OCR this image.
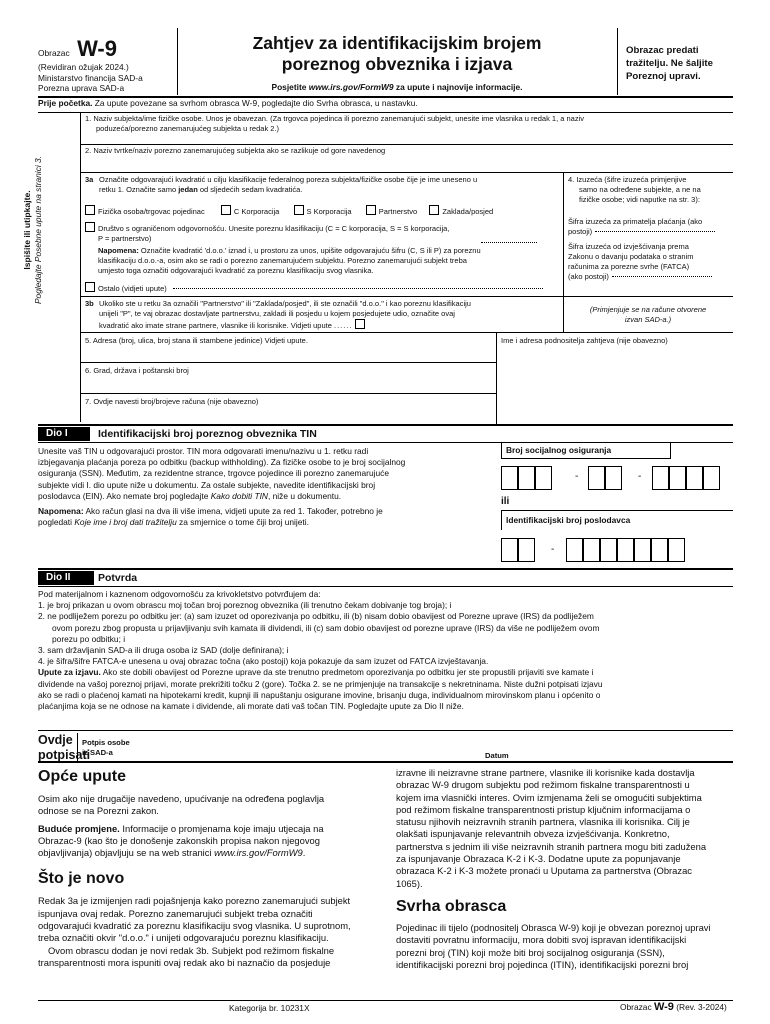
Obrazac W-9
(Revidiran ožujak 2024.)
Ministarstvo financija SAD-a
Porezna uprava SAD-a
Zahtjev za identifikacijskim brojem
poreznog obveznika i izjava
Posjetite www.irs.gov/FormW9 za upute i najnovije informacije.
Obrazac predati tražitelju. Ne šaljite Poreznoj upravi.
Prije početka. Za upute povezane sa svrhom obrasca W-9, pogledajte dio Svrha obrasca, u nastavku.
Ispišite ili utipkajte. Pogledajte Posebne upute na stranici 3.
1. Naziv subjekta/ime fizičke osobe. Unos je obavezan. (Za trgovca pojedinca ili porezno zanemarujući subjekt, unesite ime vlasnika u redak 1, a naziv
poduzeća/porezno zanemarujućeg subjekta u redak 2.)
2. Naziv tvrtke/naziv porezno zanemarujućeg subjekta ako se razlikuje od gore navedenog
3a Označite odgovarajući kvadratić u cilju klasifikacije federalnog poreza subjekta/fizičke osobe čije je ime uneseno u
retku 1. Označite samo jedan od sljedećih sedam kvadratića.
Fizička osoba/trgovac pojedinac	C Korporacija	S Korporacija	Partnerstvo	Zaklada/posjed
Društvo s ograničenom odgovornošću. Unesite poreznu klasifikaciju (C = C korporacija, S = S korporacija,
P = partnerstvo)
Napomena: Označite kvadratić 'd.o.o.' iznad i, u prostoru za unos, upišite odgovarajuću šifru (C, S ili P) za poreznu
klasifikaciju d.o.o.-a, osim ako se radi o porezno zanemarujućem subjektu. Porezno zanemarujući subjekt treba
umjesto toga označiti odgovarajući kvadratić za poreznu klasifikaciju svog vlasnika.
Ostalo (vidjeti upute)
3b Ukoliko ste u retku 3a označili "Partnerstvo" ili "Zaklada/posjed", ili ste označili "d.o.o." i kao poreznu klasifikaciju
unijeli "P", te vaj obrazac dostavljate partnerstvu, zakladi ili posjedu u kojem posjedujete udio, označite ovaj
kvadratić ako imate strane partnere, vlasnike ili korisnike. Vidjeti upute ......
4. Izuzeća (šifre izuzeća primjenjive
samo na određene subjekte, a ne na
fizičke osobe; vidi naputke na str. 3):
Šifra izuzeća za primatelja plaćanja (ako
postoji)
Šifra izuzeća od izvješćivanja prema
Zakonu o davanju podataka o stranim
računima za porezne svrhe (FATCA)
(ako postoji)
(Primjenjuje se na račune otvorene
izvan SAD-a.)
5. Adresa (broj, ulica, broj stana ili stambene jedinice) Vidjeti upute.	Ime i adresa podnositelja zahtjeva (nije obavezno)
6. Grad, država i poštanski broj
7. Ovdje navesti broj/brojeve računa (nije obavezno)
Dio I	Identifikacijski broj poreznog obveznika TIN
Unesite vaš TIN u odgovarajući prostor. TIN mora odgovarati imenu/nazivu u 1. retku radi
izbjegavanja plaćanja poreza po odbitku (backup withholding). Za fizičke osobe to je broj socijalnog
osiguranja (SSN). Međutim, za rezidentne strance, trgovce pojedince ili porezno zanemarujuće
subjekte vidi I. dio upute niže u dokumentu. Za ostale subjekte, navedite identifikacijski broj
poslodavca (EIN). Ako nemate broj pogledajte Kako dobiti TIN, niže u dokumentu.
Napomena: Ako račun glasi na dva ili više imena, vidjeti upute za red 1. Također, potrebno je
pogledati Koje ime i broj dati tražitelju za smjernice o tome čiji broj unijeti.
Broj socijalnog osiguranja
-	-
ili
Identifikacijski broj poslodavca
-
Dio II	Potvrda
Pod materijalnom i kaznenom odgovornošću za krivokletstvo potvrđujem da:
1. je broj prikazan u ovom obrascu moj točan broj poreznog obveznika (ili trenutno čekam dobivanje tog broja); i
2. ne podliježem porezu po odbitku jer: (a) sam izuzet od oporezivanja po odbitku, ili (b) nisam dobio obavijest od Porezne uprave (IRS) da podliježem
ovom porezu zbog propusta u prijavljivanju svih kamata ili dividendi, ili (c) sam dobio obavijest od porezne uprave (IRS) da više ne podliježem ovom
porezu po odbitku; i
3. sam državljanin SAD-a ili druga osoba iz SAD (dolje definirana); i
4. je šifra/šifre FATCA-e unesena u ovaj obrazac točna (ako postoji) koja pokazuje da sam izuzet od FATCA izvještavanja.
Upute za izjavu. Ako ste dobili obavijest od Porezne uprave da ste trenutno predmetom oporezivanja po odbitku jer ste propustili prijaviti sve kamate i
dividende na vašoj poreznoj prijavi, morate prekrižiti točku 2 (gore). Točka 2. se ne primjenjuje na transakcije s nekretninama. Niste dužni potpisati izjavu
ako se radi o plaćenoj kamati na hipotekarni kredit, kupnji ili napuštanju osigurane imovine, brisanju duga, individualnom mirovinskom planu i općenito o
plaćanjima koja se ne odnose na kamate i dividende, ali morate dati vaš točan TIN. Pogledajte upute za Dio II niže.
Ovdje
potpisati
Potpis osobe
iz SAD-a	Datum
Opće upute
Osim ako nije drugačije navedeno, upućivanje na određena poglavlja
odnose se na Porezni zakon.
Buduće promjene. Informacije o promjenama koje imaju utjecaja na
Obrazac-9 (kao što je donošenje zakonskih propisa nakon njegovog
objavljivanja) objavljuju se na web stranici www.irs.gov/FormW9.
Što je novo
Redak 3a je izmijenjen radi pojašnjenja kako porezno zanemarujući subjekt
ispunjava ovaj redak. Porezno zanemarujući subjekt treba označiti
odgovarajući kvadratić za poreznu klasifikaciju svog vlasnika. U suprotnom,
treba označiti okvir "d.o.o." i unijeti odgovarajuću poreznu klasifikaciju.
Ovom obrascu dodan je novi redak 3b. Subjekt pod režimom fiskalne
transparentnosti mora ispuniti ovaj redak ako bi naznačio da posjeduje
izravne ili neizravne strane partnere, vlasnike ili korisnike kada dostavlja
obrazac W-9 drugom subjektu pod režimom fiskalne transparentnosti u
kojem ima vlasnički interes. Ovim izmjenama želi se omogućiti subjektima
pod režimom fiskalne transparentnosti pristup ključnim informacijama o
statusu njihovih neizravnih stranih partnera, vlasnika ili korisnika. Cilj je
olakšati ispunjavanje relevantnih obveza izvješćivanja. Konkretno,
partnerstva s jednim ili više neizravnih stranih partnera mogu biti zadužena
za ispunjavanje Obrazaca K-2 i K-3. Dodatne upute za popunjavanje
obrazaca K-2 i K-3 možete pronaći u Uputama za partnerstva (Obrazac
1065).
Svrha obrasca
Pojedinac ili tijelo (podnositelj Obrasca W-9) koji je obvezan poreznoj upravi
dostaviti povratnu informaciju, mora dobiti svoj ispravan identifikacijski
porezni broj (TIN) koji može biti broj socijalnog osiguranja (SSN),
identifikacijski porezni broj pojedinca (ITIN), identifikacijski porezni broj
Kategorija br. 10231X	Obrazac W-9 (Rev. 3-2024)
